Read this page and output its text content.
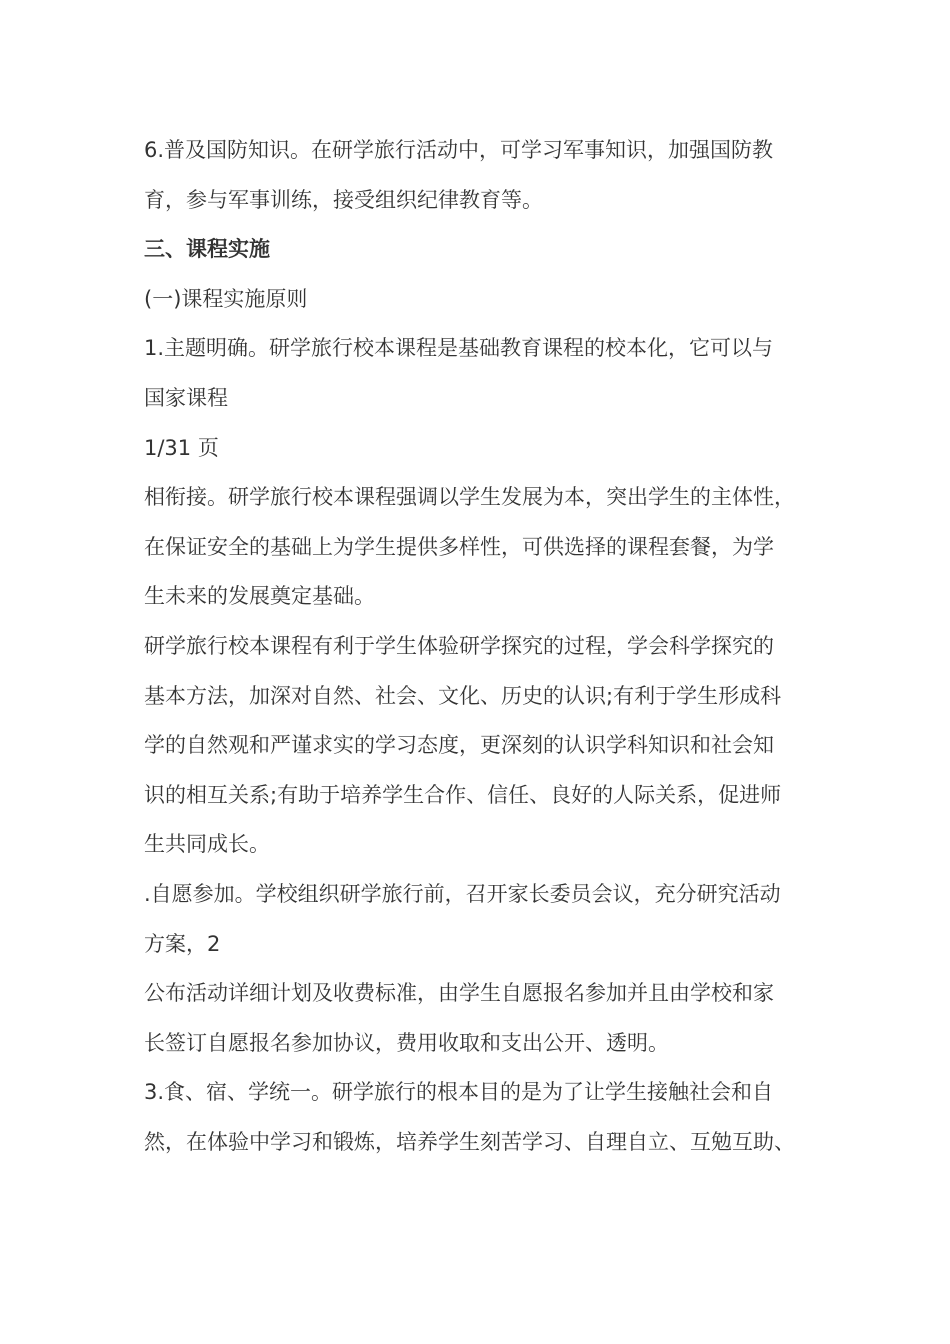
6.普及国防知识。在研学旅行活动中，可学习军事知识，加强国防教
育，参与军事训练，接受组织纪律教育等。
三、课程实施
(一)课程实施原则
1.主题明确。研学旅行校本课程是基础教育课程的校本化，它可以与
国家课程
1/31 页
相衔接。研学旅行校本课程强调以学生发展为本，突出学生的主体性，
在保证安全的基础上为学生提供多样性，可供选择的课程套餐，为学
生未来的发展奠定基础。
研学旅行校本课程有利于学生体验研学探究的过程，学会科学探究的
基本方法，加深对自然、社会、文化、历史的认识;有利于学生形成科
学的自然观和严谨求实的学习态度，更深刻的认识学科知识和社会知
识的相互关系;有助于培养学生合作、信任、良好的人际关系，促进师
生共同成长。
.自愿参加。学校组织研学旅行前，召开家长委员会议，充分研究活动
方案，2
公布活动详细计划及收费标准，由学生自愿报名参加并且由学校和家
长签订自愿报名参加协议，费用收取和支出公开、透明。
3.食、宿、学统一。研学旅行的根本目的是为了让学生接触社会和自
然，在体验中学习和锻炼，培养学生刻苦学习、自理自立、互勉互助、
